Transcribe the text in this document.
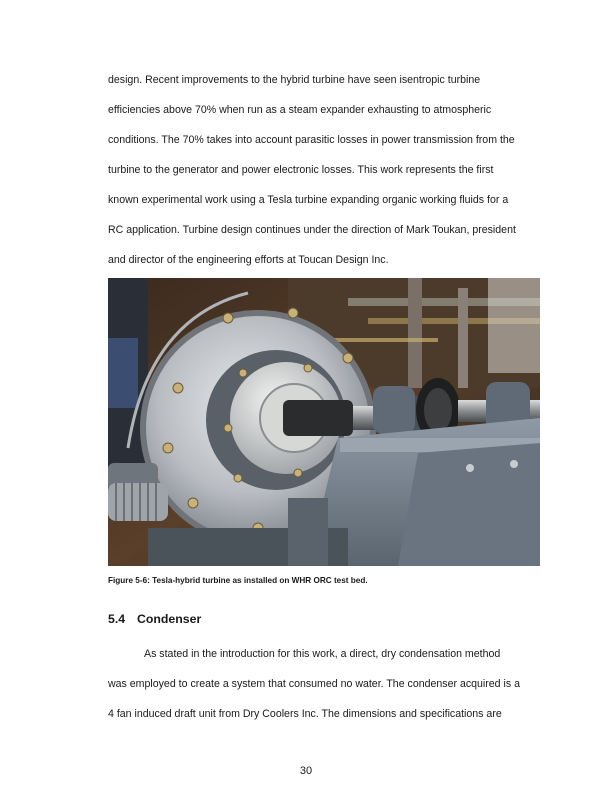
design. Recent improvements to the hybrid turbine have seen isentropic turbine
efficiencies above 70% when run as a steam expander exhausting to atmospheric
conditions. The 70% takes into account parasitic losses in power transmission from the
turbine to the generator and power electronic losses. This work represents the first
known experimental work using a Tesla turbine expanding organic working fluids for a
RC application. Turbine design continues under the direction of Mark Toukan, president
and director of the engineering efforts at Toucan Design Inc.

Figure 5-6: Tesla-hybrid turbine as installed on WHR ORC test bed.

5.4 Condenser
As stated in the introduction for this work, a direct, dry condensation method
was employed to create a system that consumed no water. The condenser acquired is a
4 fan induced draft unit from Dry Coolers Inc. The dimensions and specifications are

30
